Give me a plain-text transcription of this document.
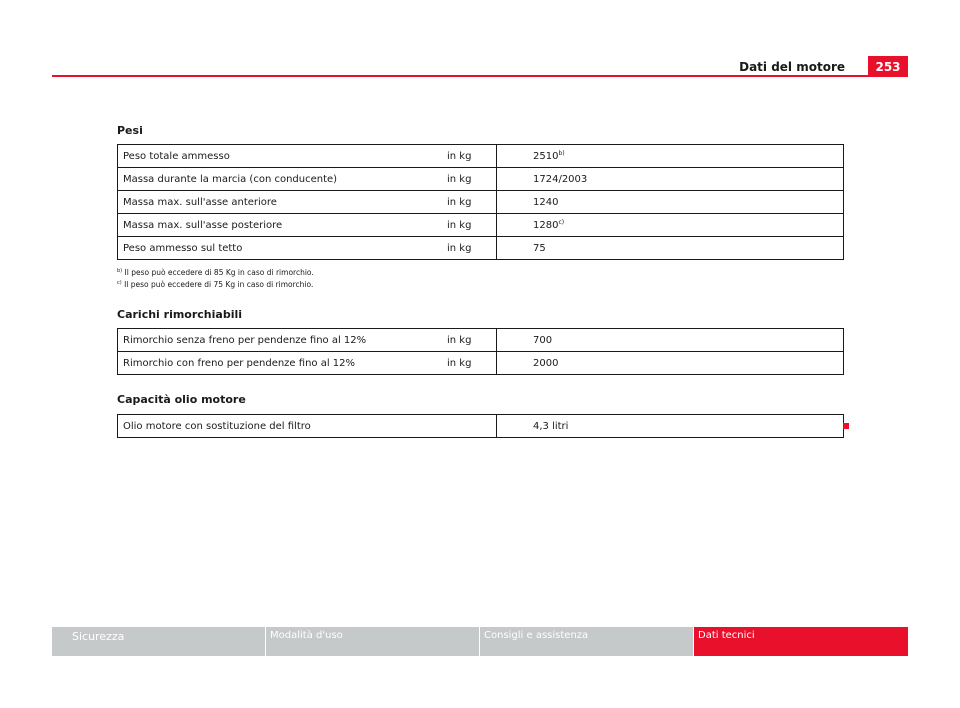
Dati del motore	253
Pesi
Peso totale ammesso	in kg	2510$^{b)}$
Massa durante la marcia (con conducente)	in kg	1724/2003
Massa max. sull'asse anteriore	in kg	1240
Massa max. sull'asse posteriore	in kg	1280$^{c)}$
Peso ammesso sul tetto	in kg	75
$^{b)}$ Il peso può eccedere di 85 Kg in caso di rimorchio.
$^{c)}$ Il peso può eccedere di 75 Kg in caso di rimorchio.
Carichi rimorchiabili
Rimorchio senza freno per pendenze fino al 12%	in kg	700
Rimorchio con freno per pendenze fino al 12%	in kg	2000
Capacità olio motore
Olio motore con sostituzione del filtro		4,3 litri
Sicurezza	Modalità d'uso	Consigli e assistenza	Dati tecnici
